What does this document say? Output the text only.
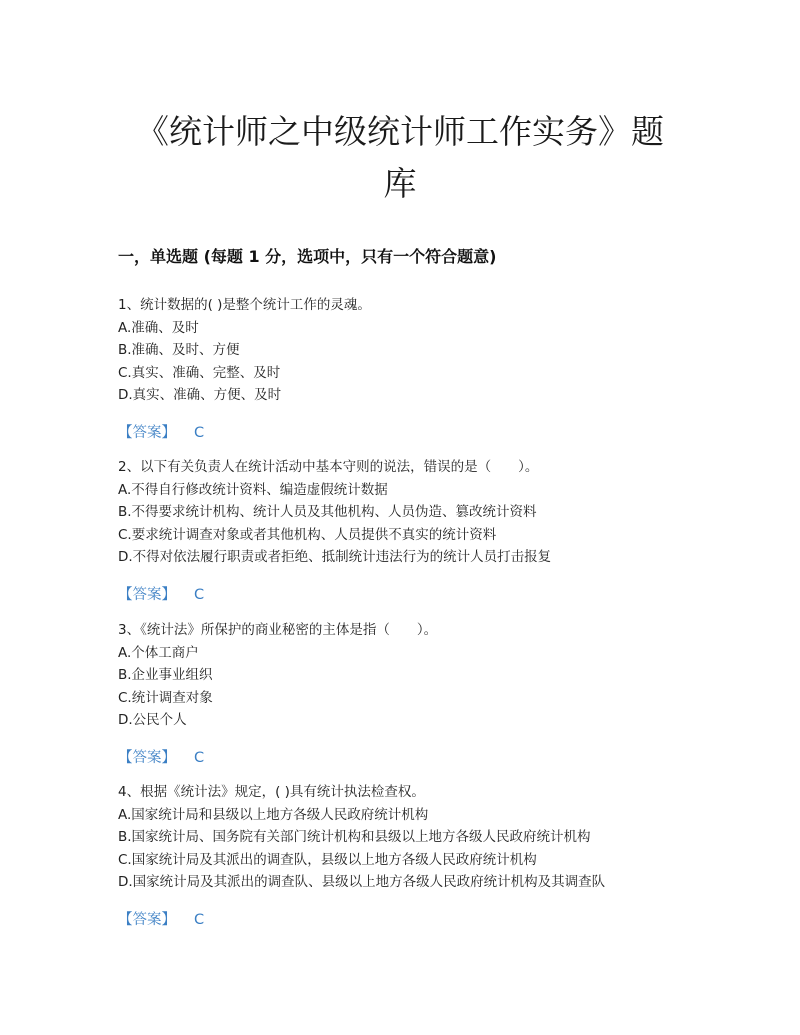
《统计师之中级统计师工作实务》题
库
一，单选题 (每题 1 分，选项中，只有一个符合题意)
1、统计数据的( )是整个统计工作的灵魂。
A.准确、及时
B.准确、及时、方便
C.真实、准确、完整、及时
D.真实、准确、方便、及时
【答案】 C
2、以下有关负责人在统计活动中基本守则的说法，错误的是（　　）。
A.不得自行修改统计资料、编造虚假统计数据
B.不得要求统计机构、统计人员及其他机构、人员伪造、篡改统计资料
C.要求统计调查对象或者其他机构、人员提供不真实的统计资料
D.不得对依法履行职责或者拒绝、抵制统计违法行为的统计人员打击报复
【答案】 C
3、《统计法》所保护的商业秘密的主体是指（　　）。
A.个体工商户
B.企业事业组织
C.统计调查对象
D.公民个人
【答案】 C
4、根据《统计法》规定，( )具有统计执法检查权。
A.国家统计局和县级以上地方各级人民政府统计机构
B.国家统计局、国务院有关部门统计机构和县级以上地方各级人民政府统计机构
C.国家统计局及其派出的调查队，县级以上地方各级人民政府统计机构
D.国家统计局及其派出的调查队、县级以上地方各级人民政府统计机构及其调查队
【答案】 C
